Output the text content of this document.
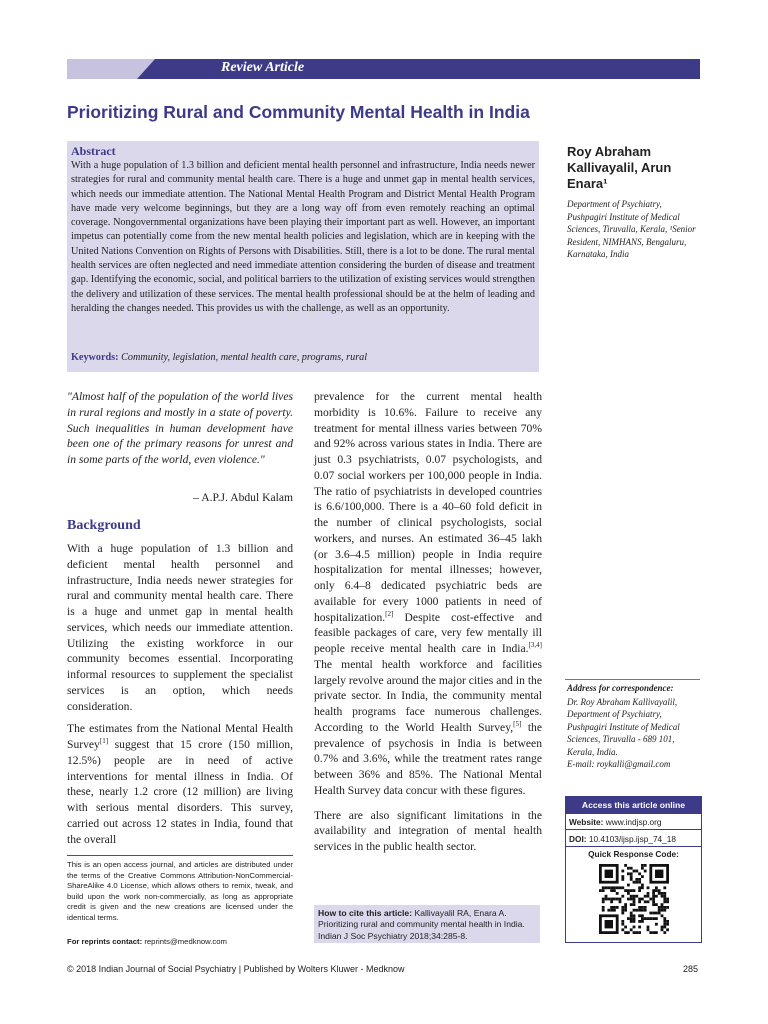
Review Article
Prioritizing Rural and Community Mental Health in India
Abstract
With a huge population of 1.3 billion and deficient mental health personnel and infrastructure, India needs newer strategies for rural and community mental health care. There is a huge and unmet gap in mental health services, which needs our immediate attention. The National Mental Health Program and District Mental Health Program have made very welcome beginnings, but they are a long way off from even remotely reaching an optimal coverage. Nongovernmental organizations have been playing their important part as well. However, an important impetus can potentially come from the new mental health policies and legislation, which are in keeping with the United Nations Convention on Rights of Persons with Disabilities. Still, there is a lot to be done. The rural mental health services are often neglected and need immediate attention considering the burden of disease and treatment gap. Identifying the economic, social, and political barriers to the utilization of existing services would strengthen the delivery and utilization of these services. The mental health professional should be at the helm of leading and heralding the changes needed. This provides us with the challenge, as well as an opportunity.
Keywords: Community, legislation, mental health care, programs, rural
Roy Abraham Kallivayalil, Arun Enara¹
Department of Psychiatry, Pushpagiri Institute of Medical Sciences, Tiruvalla, Kerala, ¹Senior Resident, NIMHANS, Bengaluru, Karnataka, India
"Almost half of the population of the world lives in rural regions and mostly in a state of poverty. Such inequalities in human development have been one of the primary reasons for unrest and in some parts of the world, even violence."
– A.P.J. Abdul Kalam
Background

With a huge population of 1.3 billion and deficient mental health personnel and infrastructure, India needs newer strategies for rural and community mental health care. There is a huge and unmet gap in mental health services, which needs our immediate attention. Utilizing the existing workforce in our community becomes essential. Incorporating informal resources to supplement the specialist services is an option, which needs consideration.

The estimates from the National Mental Health Survey[1] suggest that 15 crore (150 million, 12.5%) people are in need of active interventions for mental illness in India. Of these, nearly 1.2 crore (12 million) are living with serious mental disorders. This survey, carried out across 12 states in India, found that the overall

prevalence for the current mental health morbidity is 10.6%. Failure to receive any treatment for mental illness varies between 70% and 92% across various states in India. There are just 0.3 psychiatrists, 0.07 psychologists, and 0.07 social workers per 100,000 people in India. The ratio of psychiatrists in developed countries is 6.6/100,000. There is a 40–60 fold deficit in the number of clinical psychologists, social workers, and nurses. An estimated 36–45 lakh (or 3.6–4.5 million) people in India require hospitalization for mental illnesses; however, only 6.4–8 dedicated psychiatric beds are available for every 1000 patients in need of hospitalization.[2] Despite cost-effective and feasible packages of care, very few mentally ill people receive mental health care in India.[3,4] The mental health workforce and facilities largely revolve around the major cities and in the private sector. In India, the community mental health programs face numerous challenges. According to the World Health Survey,[5] the prevalence of psychosis in India is between 0.7% and 3.6%, while the treatment rates range between 36% and 85%. The National Mental Health Survey data concur with these figures.

There are also significant limitations in the availability and integration of mental health services in the public health sector.

This is an open access journal, and articles are distributed under the terms of the Creative Commons Attribution-NonCommercial-ShareAlike 4.0 License, which allows others to remix, tweak, and build upon the work non-commercially, as long as appropriate credit is given and the new creations are licensed under the identical terms.
For reprints contact: reprints@medknow.com
How to cite this article: Kallivayalil RA, Enara A. Prioritizing rural and community mental health in India. Indian J Soc Psychiatry 2018;34:285-8.
Address for correspondence:
Dr. Roy Abraham Kallivayalil, Department of Psychiatry, Pushpagiri Institute of Medical Sciences, Tiruvalla - 689 101, Kerala, India.
E-mail: roykalli@gmail.com
Access this article online
Website: www.indjsp.org
DOI: 10.4103/ijsp.ijsp_74_18
Quick Response Code:
© 2018 Indian Journal of Social Psychiatry | Published by Wolters Kluwer - Medknow	285
